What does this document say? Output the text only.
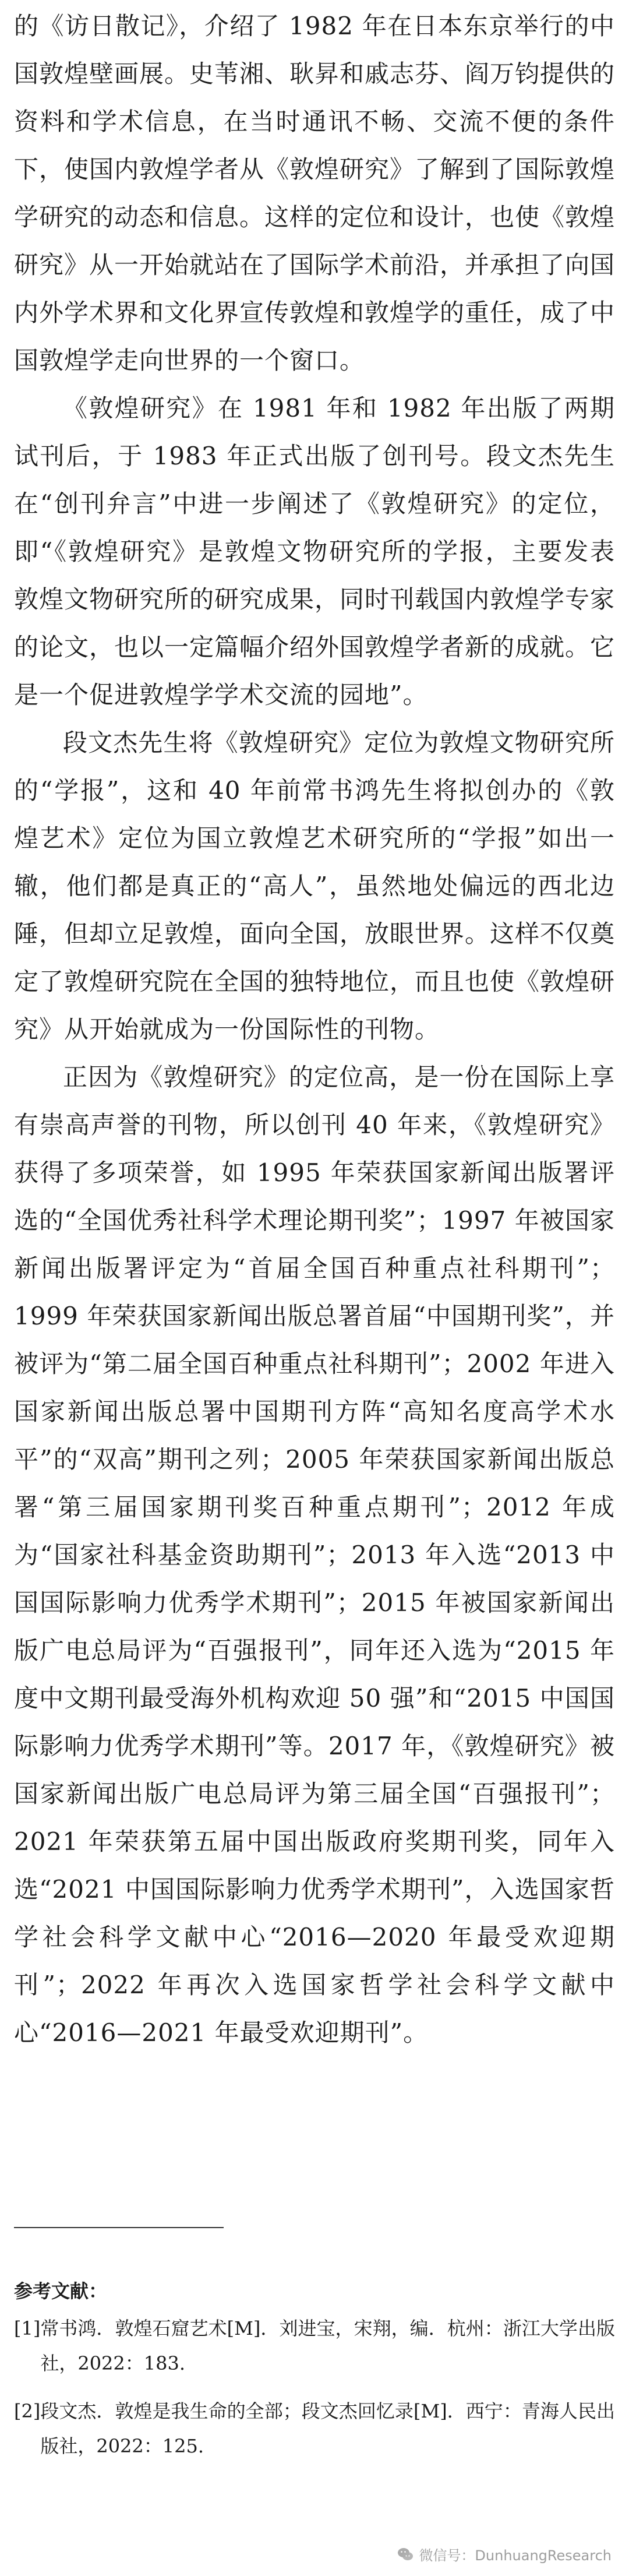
的《访日散记》，介绍了 1982 年在日本东京举行的中国敦煌壁画展。史苇湘、耿昇和戚志芬、阎万钧提供的资料和学术信息，在当时通讯不畅、交流不便的条件下，使国内敦煌学者从《敦煌研究》了解到了国际敦煌学研究的动态和信息。这样的定位和设计，也使《敦煌研究》从一开始就站在了国际学术前沿，并承担了向国内外学术界和文化界宣传敦煌和敦煌学的重任，成了中国敦煌学走向世界的一个窗口。

《敦煌研究》在 1981 年和 1982 年出版了两期试刊后，于 1983 年正式出版了创刊号。段文杰先生在“创刊弁言”中进一步阐述了《敦煌研究》的定位，即“《敦煌研究》是敦煌文物研究所的学报，主要发表敦煌文物研究所的研究成果，同时刊载国内敦煌学专家的论文，也以一定篇幅介绍外国敦煌学者新的成就。它是一个促进敦煌学学术交流的园地”。

段文杰先生将《敦煌研究》定位为敦煌文物研究所的“学报”，这和 40 年前常书鸿先生将拟创办的《敦煌艺术》定位为国立敦煌艺术研究所的“学报”如出一辙，他们都是真正的“高人”，虽然地处偏远的西北边陲，但却立足敦煌，面向全国，放眼世界。这样不仅奠定了敦煌研究院在全国的独特地位，而且也使《敦煌研究》从开始就成为一份国际性的刊物。

正因为《敦煌研究》的定位高，是一份在国际上享有崇高声誉的刊物，所以创刊 40 年来，《敦煌研究》获得了多项荣誉，如 1995 年荣获国家新闻出版署评选的“全国优秀社科学术理论期刊奖”；1997 年被国家新闻出版署评定为“首届全国百种重点社科期刊”；1999 年荣获国家新闻出版总署首届“中国期刊奖”，并被评为“第二届全国百种重点社科期刊”；2002 年进入国家新闻出版总署中国期刊方阵“高知名度高学术水平”的“双高”期刊之列；2005 年荣获国家新闻出版总署“第三届国家期刊奖百种重点期刊”；2012 年成为“国家社科基金资助期刊”；2013 年入选“2013 中国国际影响力优秀学术期刊”；2015 年被国家新闻出版广电总局评为“百强报刊”，同年还入选为“2015 年度中文期刊最受海外机构欢迎 50 强”和“2015 中国国际影响力优秀学术期刊”等。2017 年，《敦煌研究》被国家新闻出版广电总局评为第三届全国“百强报刊”；2021 年荣获第五届中国出版政府奖期刊奖，同年入选“2021 中国国际影响力优秀学术期刊”，入选国家哲学社会科学文献中心“2016—2020 年最受欢迎期刊”；2022 年再次入选国家哲学社会科学文献中心“2016—2021 年最受欢迎期刊”。

参考文献：

[1] 常书鸿．敦煌石窟艺术[M]．刘进宝，宋翔，编．杭州：浙江大学出版社，2022：183.
[2] 段文杰．敦煌是我生命的全部；段文杰回忆录[M]．西宁：青海人民出版社，2022：125.
微信号：DunhuangResearch
